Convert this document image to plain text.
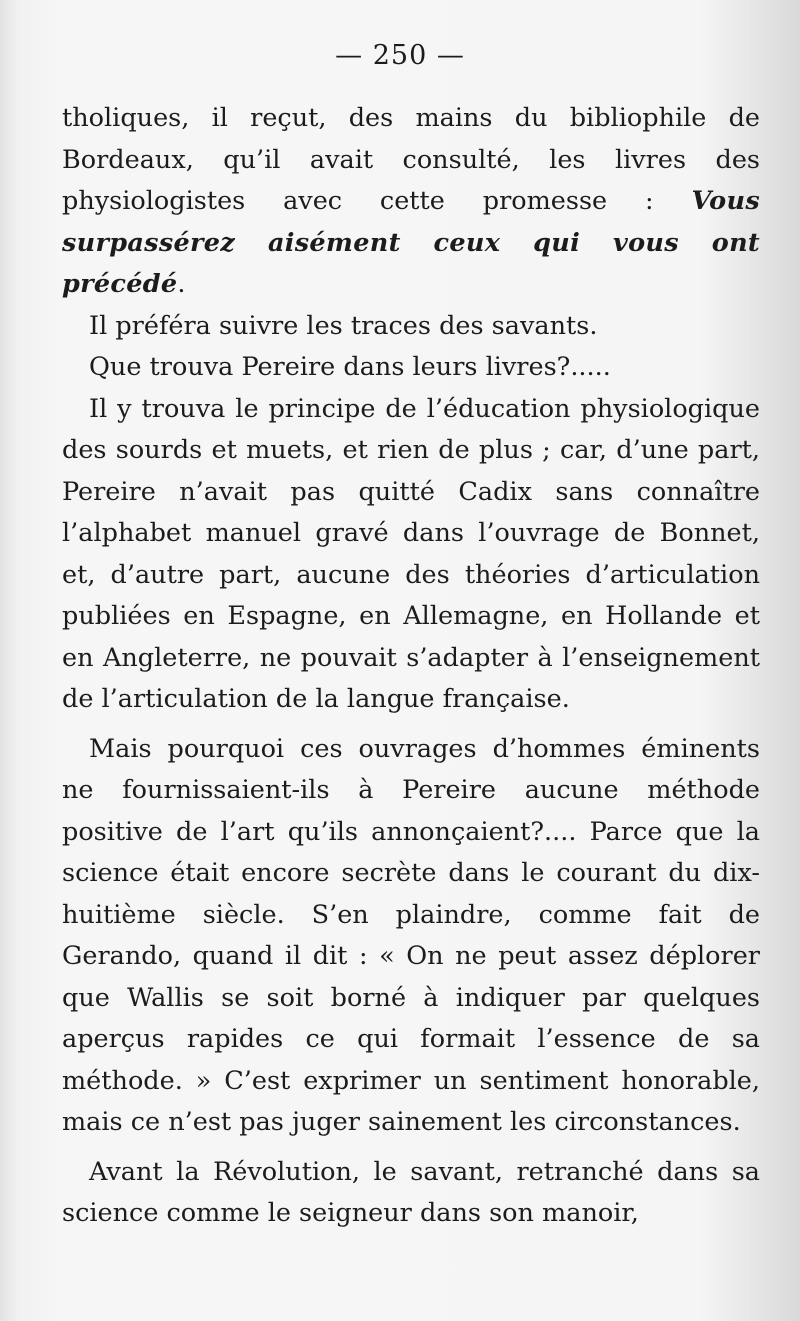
— 250 —

tholiques, il reçut, des mains du bibliophile de Bordeaux, qu’il avait consulté, les livres des physiologistes avec cette promesse : Vous surpassérez aisément ceux qui vous ont précédé.

Il préféra suivre les traces des savants.

Que trouva Pereire dans leurs livres?.....

Il y trouva le principe de l’éducation physiologique des sourds et muets, et rien de plus ; car, d’une part, Pereire n’avait pas quitté Cadix sans connaître l’alphabet manuel gravé dans l’ouvrage de Bonnet, et, d’autre part, aucune des théories d’articulation publiées en Espagne, en Allemagne, en Hollande et en Angleterre, ne pouvait s’adapter à l’enseignement de l’articulation de la langue française.

Mais pourquoi ces ouvrages d’hommes éminents ne fournissaient-ils à Pereire aucune méthode positive de l’art qu’ils annonçaient?.... Parce que la science était encore secrète dans le courant du dix-huitième siècle. S’en plaindre, comme fait de Gerando, quand il dit : « On ne peut assez déplorer que Wallis se soit borné à indiquer par quelques aperçus rapides ce qui formait l’essence de sa méthode. » C’est exprimer un sentiment honorable, mais ce n’est pas juger sainement les circonstances.

Avant la Révolution, le savant, retranché dans sa science comme le seigneur dans son manoir,
